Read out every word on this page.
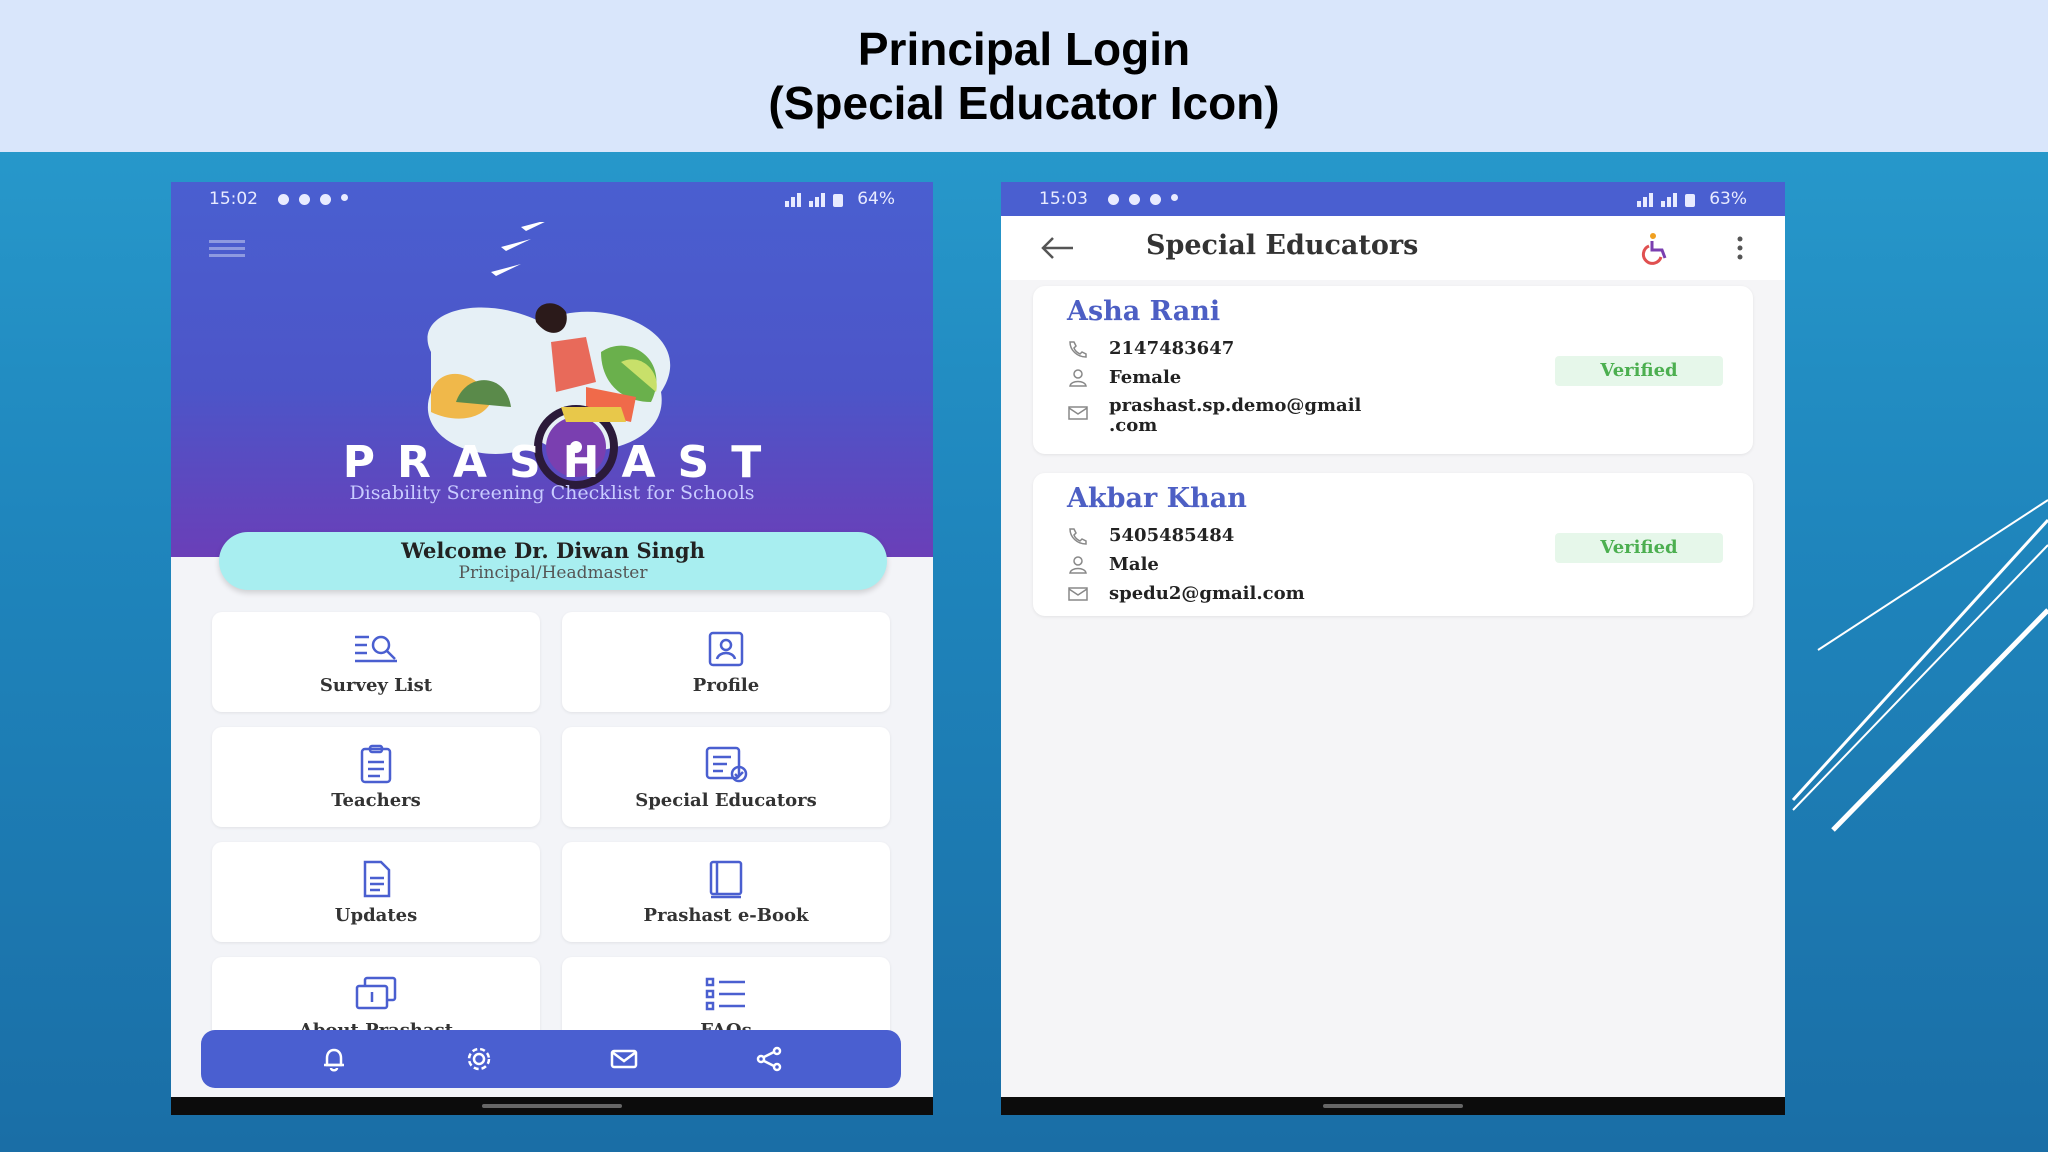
Principal Login
(Special Educator Icon)
15:02	64%
PRASHAST
Disability Screening Checklist for Schools
Welcome Dr. Diwan Singh
Principal/Headmaster
Survey List	Profile
Teachers	Special Educators
Updates	Prashast e-Book
15:03	63%
Special Educators
Asha Rani
2147483647
Female
prashast.sp.demo@gmail
.com
Verified
Akbar Khan
5405485484
Male
spedu2@gmail.com
Verified
